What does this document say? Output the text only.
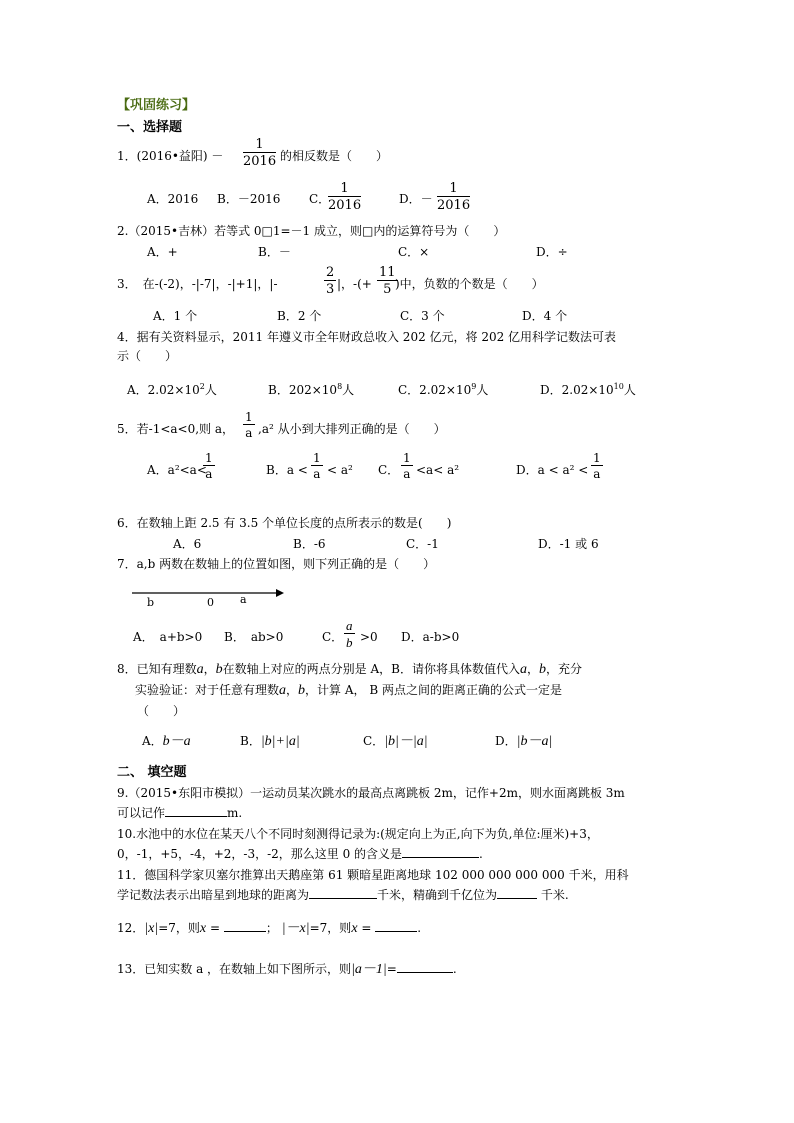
【巩固练习】
一、选择题
1．(2016•益阳) － $\frac{1}{2016}$ 的相反数是（　　）
A．2016 B．－2016 C．
$\frac{1}{2016}$	D．－ $\frac{1}{2016}$
2.（2015•吉林）若等式 0□1=－1 成立，则□内的运算符号为（　　）
A．+	B．－	C．×	D．÷
3．　在-(-2)，-|-7|，-|+1|，|-	$\frac{2}{3}$ |，-(+ $\frac{11}{5}$
)中，负数的个数是（　　）
A．1 个	B．2 个	C．3 个	D．4 个
4．据有关资料显示，2011 年遵义市全年财政总收入 202 亿元，将 202 亿用科学记数法可表
示（　　）
A．$2.02\times 10^2$人	B．$202\times 10^8$人	C．$2.02\times 10^9$人	D．$2.02\times 10^{10}$人
5．若-1<a<0,则 a， $\frac{1}{a} ,a^2$ 从小到大排列正确的是（　　）
A．a²<a<
$\frac{1}{a}$	B．$a < \frac{1}{a} < a^2$ C． $\frac{1}{a} <a< a^2$	D．$a < a^2 < \frac{1}{a}$
6．在数轴上距 2.5 有 3.5 个单位长度的点所表示的数是(　　)
A．6	B．-6	C．-1	D．-1 或 6
7．a,b 两数在数轴上的位置如图，则下列正确的是（　　）
b	0 a
A．　a+b>0 B．　ab>0	C． $\frac{a}{b} >0$ D．a-b>0
8．已知有理数a，b在数轴上对应的两点分别是 A，B．请你将具体数值代入a，b，充分
实验验证：对于任意有理数a，b，计算 A， B 两点之间的距离正确的公式一定是
（　　）
A．b－a	B．|b|+|a|	C．|b|－|a|	D．|b－a|
二、 填空题
9.（2015•东阳市模拟）一运动员某次跳水的最高点离跳板 2m，记作+2m，则水面离跳板 3m
可以记作	m.
10.水池中的水位在某天八个不同时刻测得记录为:(规定向上为正,向下为负,单位:厘米)+3，
0，-1，+5，-4，+2，-3，-2，那么这里 0 的含义是	.
11．德国科学家贝塞尔推算出天鹅座第 61 颗暗星距离地球 102 000 000 000 000 千米，用科
学记数法表示出暗星到地球的距离为	千米，精确到千亿位为	千米.
12．|x|=7，则x =	； |－x|=7，则x =	.
13．已知实数 a ，在数轴上如下图所示，则|a－1|=	.
